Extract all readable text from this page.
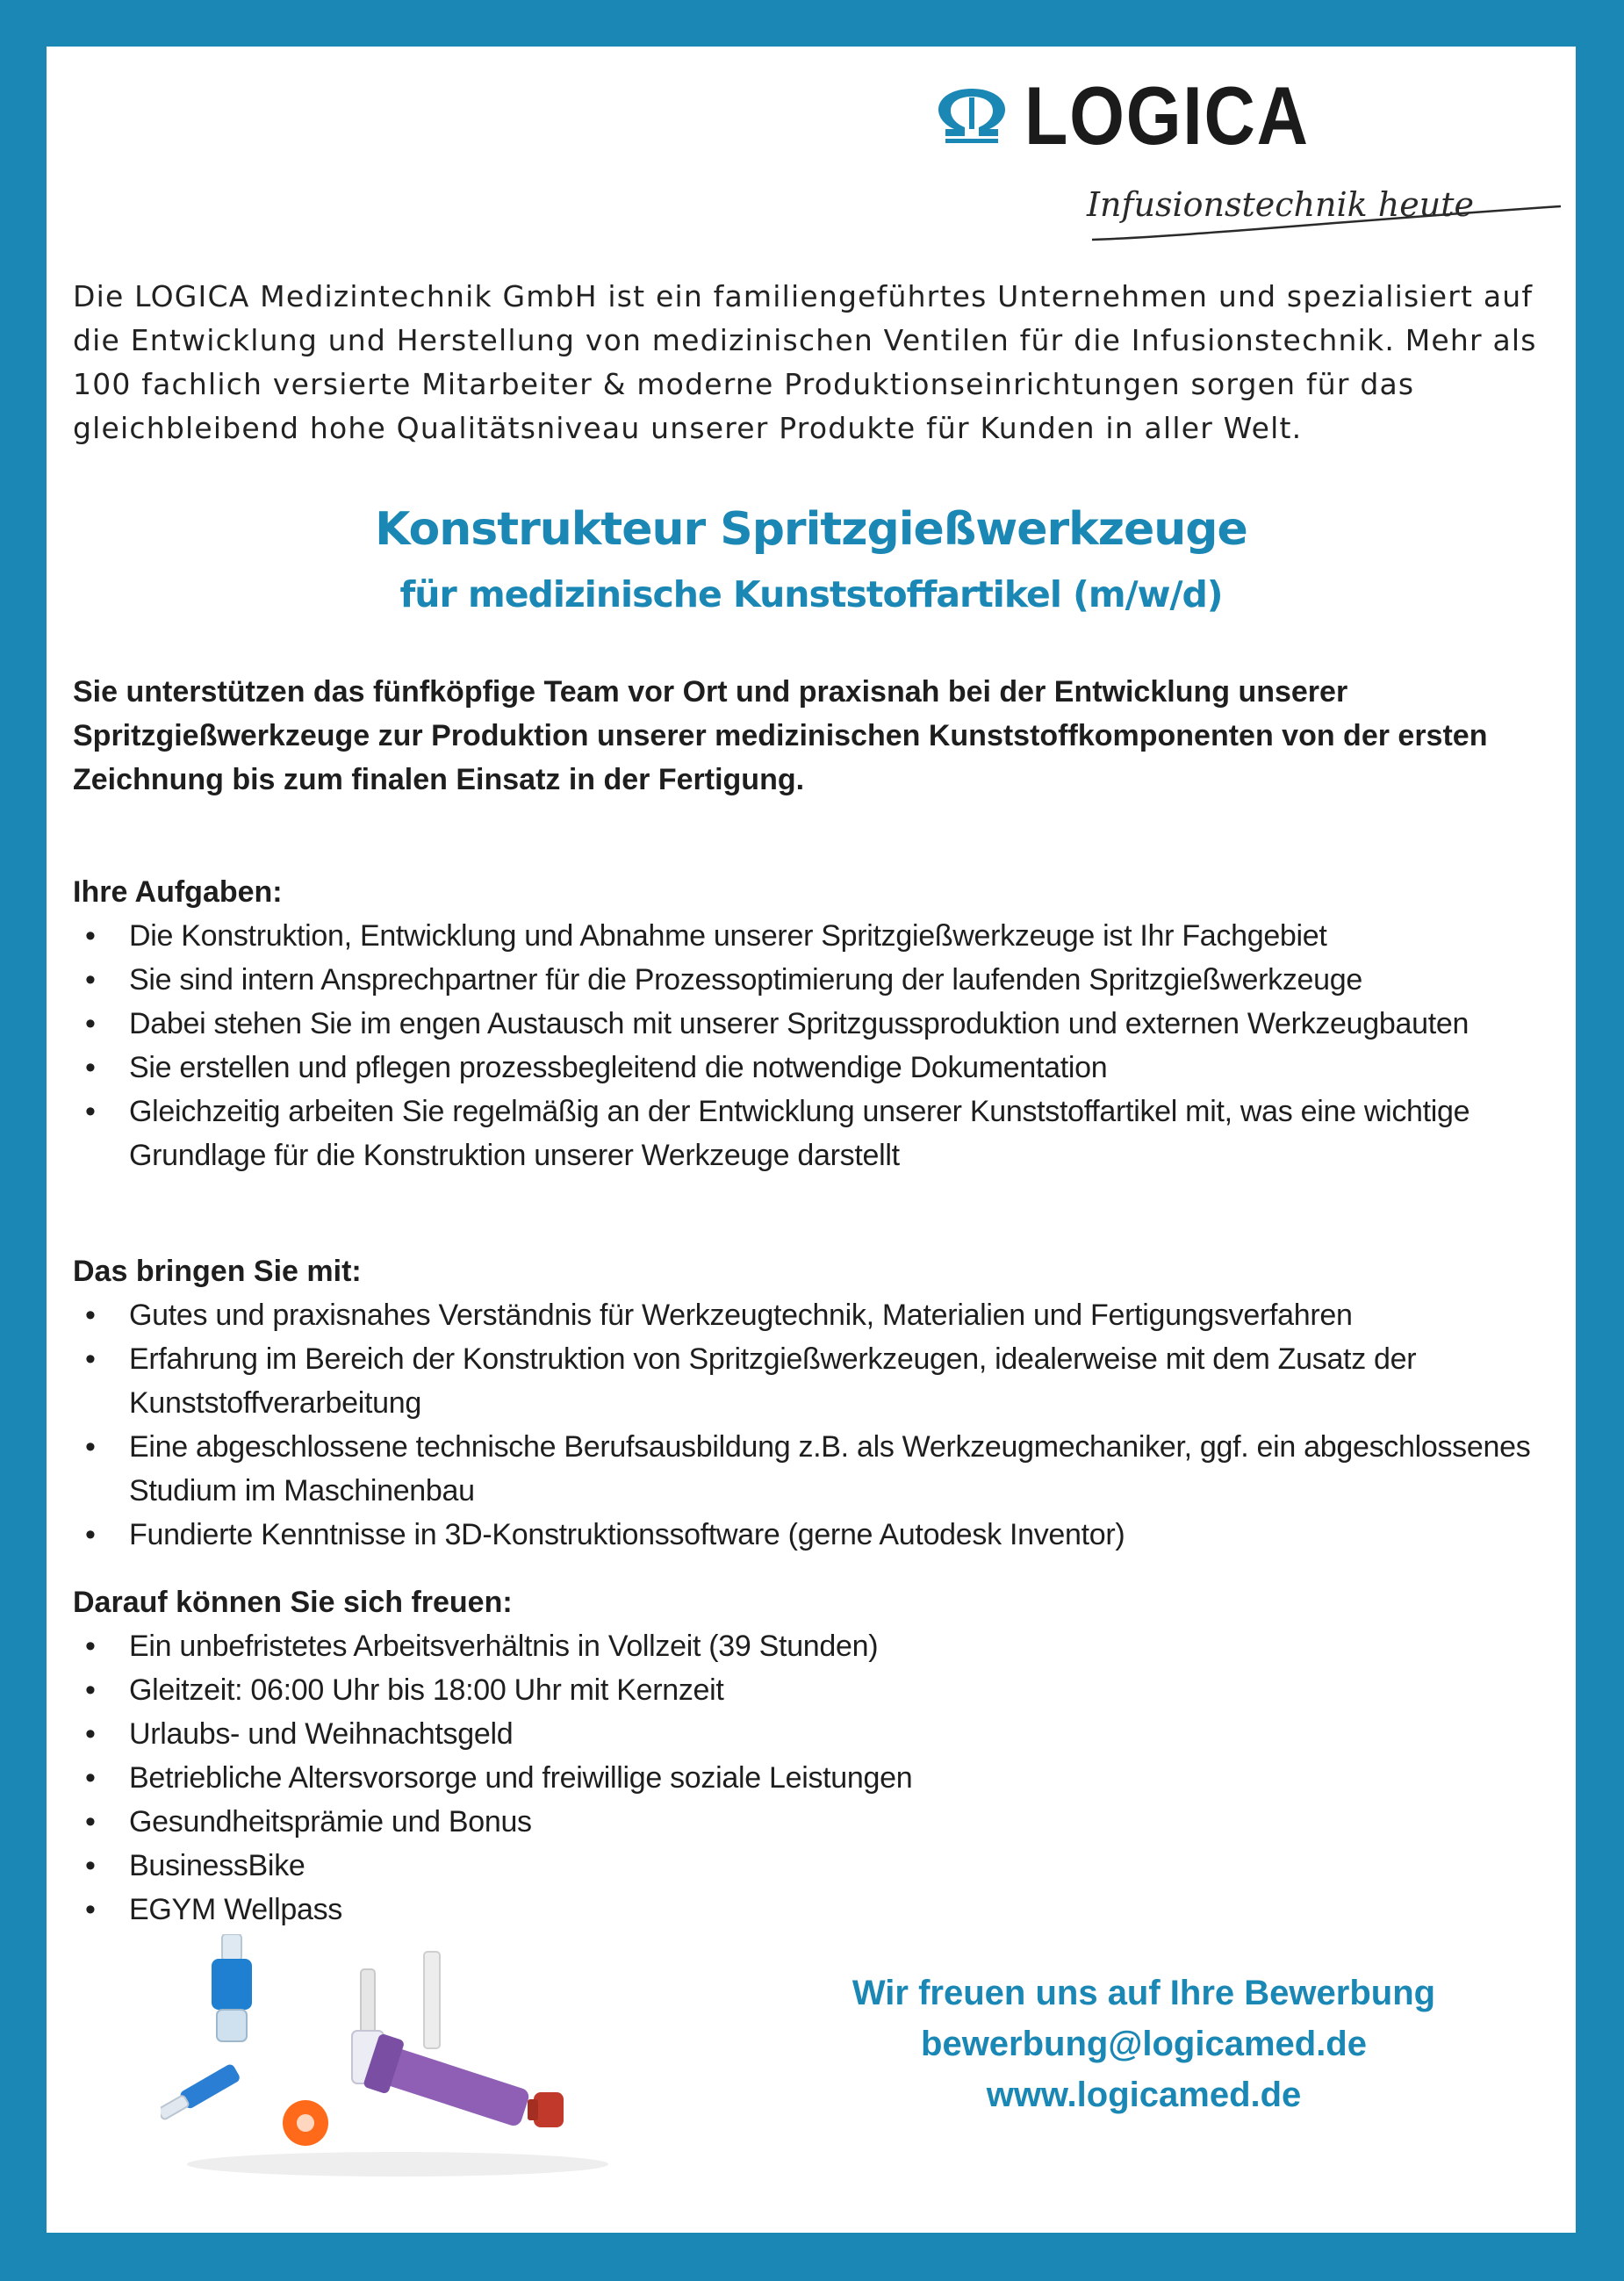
LOGICA
Infusionstechnik heute

Die LOGICA Medizintechnik GmbH ist ein familiengeführtes Unternehmen und spezialisiert auf die Entwicklung und Herstellung von medizinischen Ventilen für die Infusionstechnik. Mehr als 100 fachlich versierte Mitarbeiter & moderne Produktionseinrichtungen sorgen für das gleichbleibend hohe Qualitätsniveau unserer Produkte für Kunden in aller Welt.

Konstrukteur Spritzgießwerkzeuge
für medizinische Kunststoffartikel (m/w/d)

Sie unterstützen das fünfköpfige Team vor Ort und praxisnah bei der Entwicklung unserer Spritzgießwerkzeuge zur Produktion unserer medizinischen Kunststoffkomponenten von der ersten Zeichnung bis zum finalen Einsatz in der Fertigung.

Ihre Aufgaben:
• Die Konstruktion, Entwicklung und Abnahme unserer Spritzgießwerkzeuge ist Ihr Fachgebiet
• Sie sind intern Ansprechpartner für die Prozessoptimierung der laufenden Spritzgießwerkzeuge
• Dabei stehen Sie im engen Austausch mit unserer Spritzgussproduktion und externen Werkzeugbauten
• Sie erstellen und pflegen prozessbegleitend die notwendige Dokumentation
• Gleichzeitig arbeiten Sie regelmäßig an der Entwicklung unserer Kunststoffartikel mit, was eine wichtige Grundlage für die Konstruktion unserer Werkzeuge darstellt
Das bringen Sie mit:
• Gutes und praxisnahes Verständnis für Werkzeugtechnik, Materialien und Fertigungsverfahren
• Erfahrung im Bereich der Konstruktion von Spritzgießwerkzeugen, idealerweise mit dem Zusatz der Kunststoffverarbeitung
• Eine abgeschlossene technische Berufsausbildung z.B. als Werkzeugmechaniker, ggf. ein abgeschlossenes Studium im Maschinenbau
• Fundierte Kenntnisse in 3D-Konstruktionssoftware (gerne Autodesk Inventor)
Darauf können Sie sich freuen:
• Ein unbefristetes Arbeitsverhältnis in Vollzeit (39 Stunden)
• Gleitzeit: 06:00 Uhr bis 18:00 Uhr mit Kernzeit
• Urlaubs- und Weihnachtsgeld
• Betriebliche Altersvorsorge und freiwillige soziale Leistungen
• Gesundheitsprämie und Bonus
• BusinessBike
• EGYM Wellpass
Wir freuen uns auf Ihre Bewerbung
bewerbung@logicamed.de
www.logicamed.de
